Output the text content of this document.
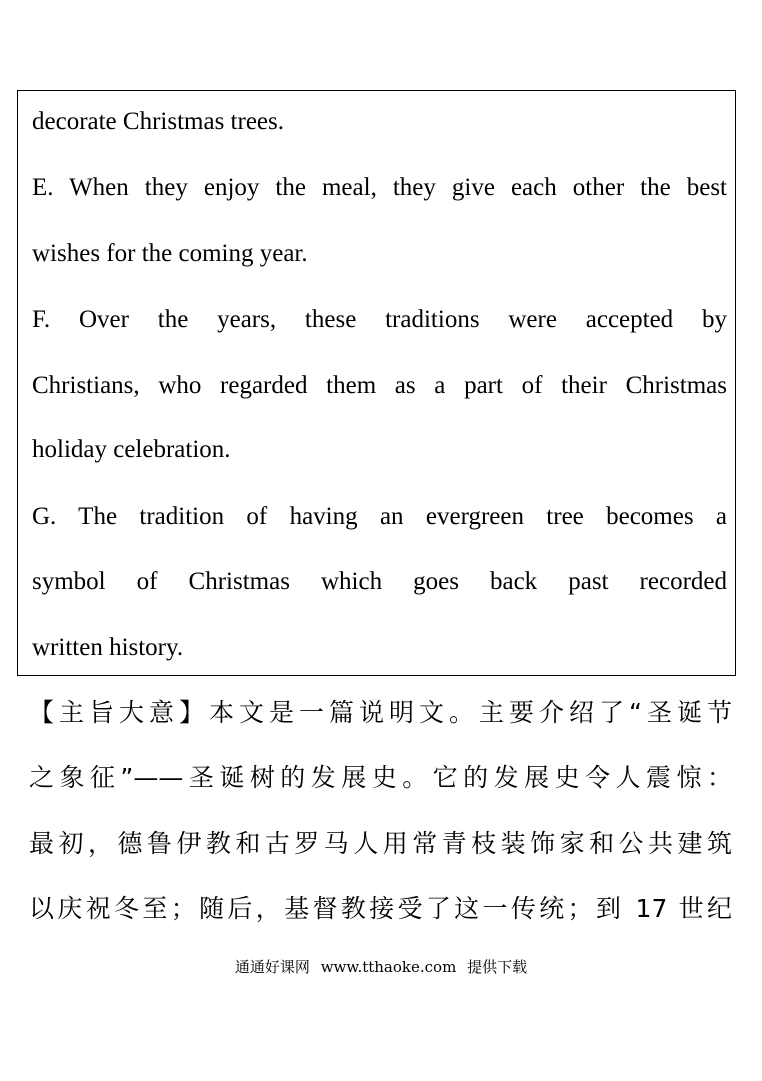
decorate Christmas trees.

E. When they enjoy the meal, they give each other the best

wishes for the coming year.

F. Over the years, these traditions were accepted by

Christians, who regarded them as a part of their Christmas

holiday celebration.

G. The tradition of having an evergreen tree becomes a

symbol of Christmas which goes back past recorded

written history.

【主旨大意】本文是一篇说明文。主要介绍了“圣诞节

之象征”——圣诞树的发展史。它的发展史令人震惊：

最初，德鲁伊教和古罗马人用常青枝装饰家和公共建筑

以庆祝冬至；随后，基督教接受了这一传统；到 17 世纪

通通好课网 www.tthaoke.com 提供下载
